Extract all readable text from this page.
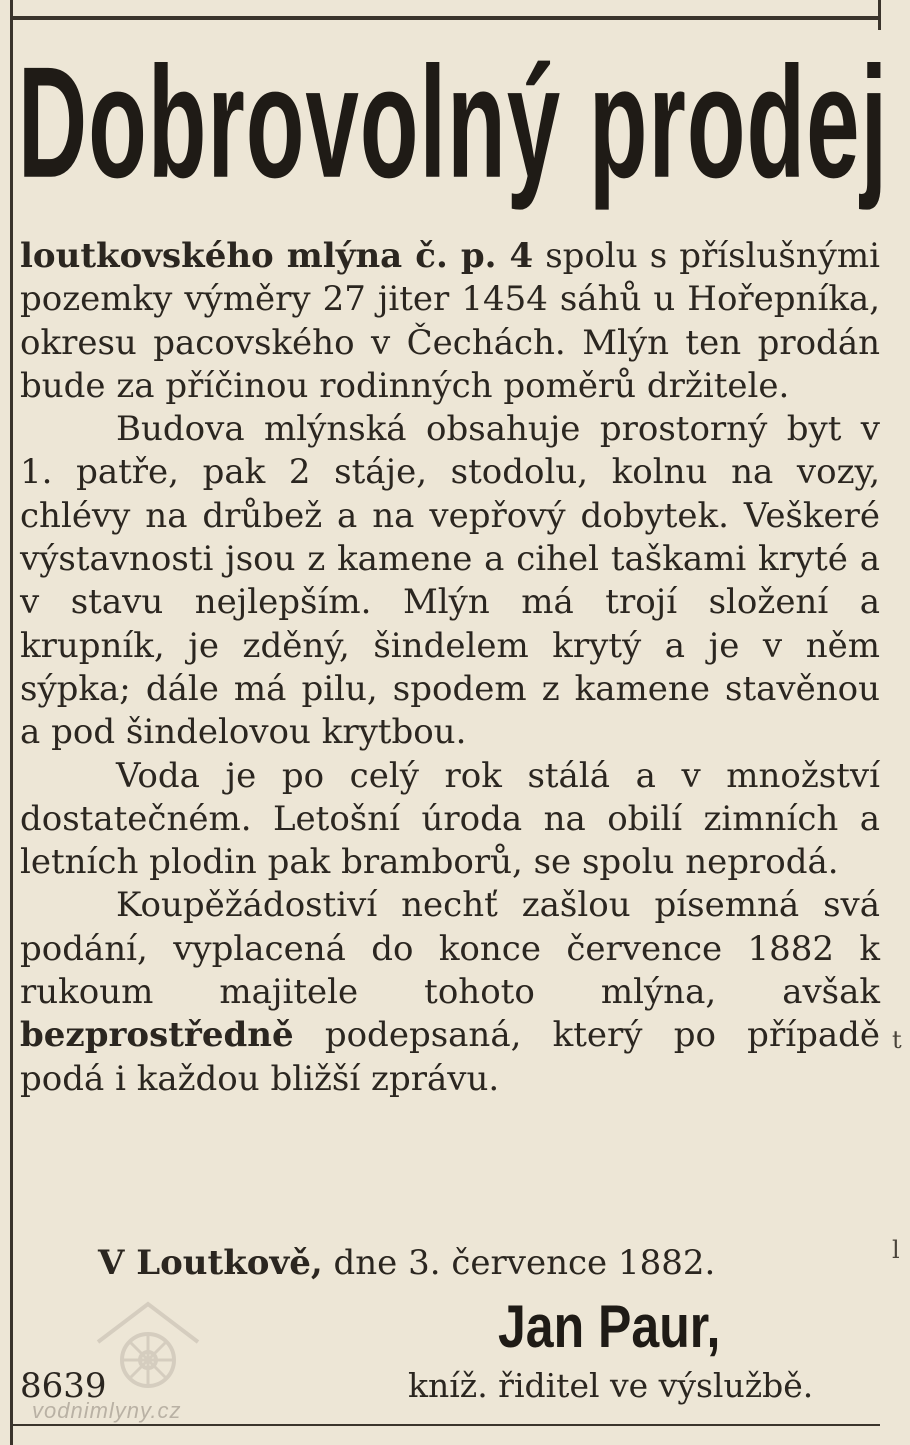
t
l
Dobrovolný prodej

loutkovského mlýna č. p. 4 spolu s příslušnými pozemky výměry 27 jiter 1454 sáhů u Hořepníka, okresu pacovského v Čechách. Mlýn ten prodán bude za příčinou rodinných poměrů držitele.

Budova mlýnská obsahuje prostorný byt v 1. patře, pak 2 stáje, stodolu, kolnu na vozy, chlévy na drůbež a na vepřový dobytek. Veškeré výstavnosti jsou z kamene a cihel taškami kryté a v stavu nejlepším. Mlýn má trojí složení a krupník, je zděný, šindelem krytý a je v něm sýpka; dále má pilu, spodem z kamene stavěnou a pod šindelovou krytbou.

Voda je po celý rok stálá a v množství dostatečném. Letošní úroda na obilí zimních a letních plodin pak bramborů, se spolu neprodá.

Koupěžádostiví nechť zašlou písemná svá podání, vyplacená do konce července 1882 k rukoum majitele tohoto mlýna, avšak bezprostředně podepsaná, který po případě podá i každou bližší zprávu.

V Loutkově, dne 3. července 1882.
Jan Paur,
8639	kníž. řiditel ve výslužbě.
vodnimlyny.cz
